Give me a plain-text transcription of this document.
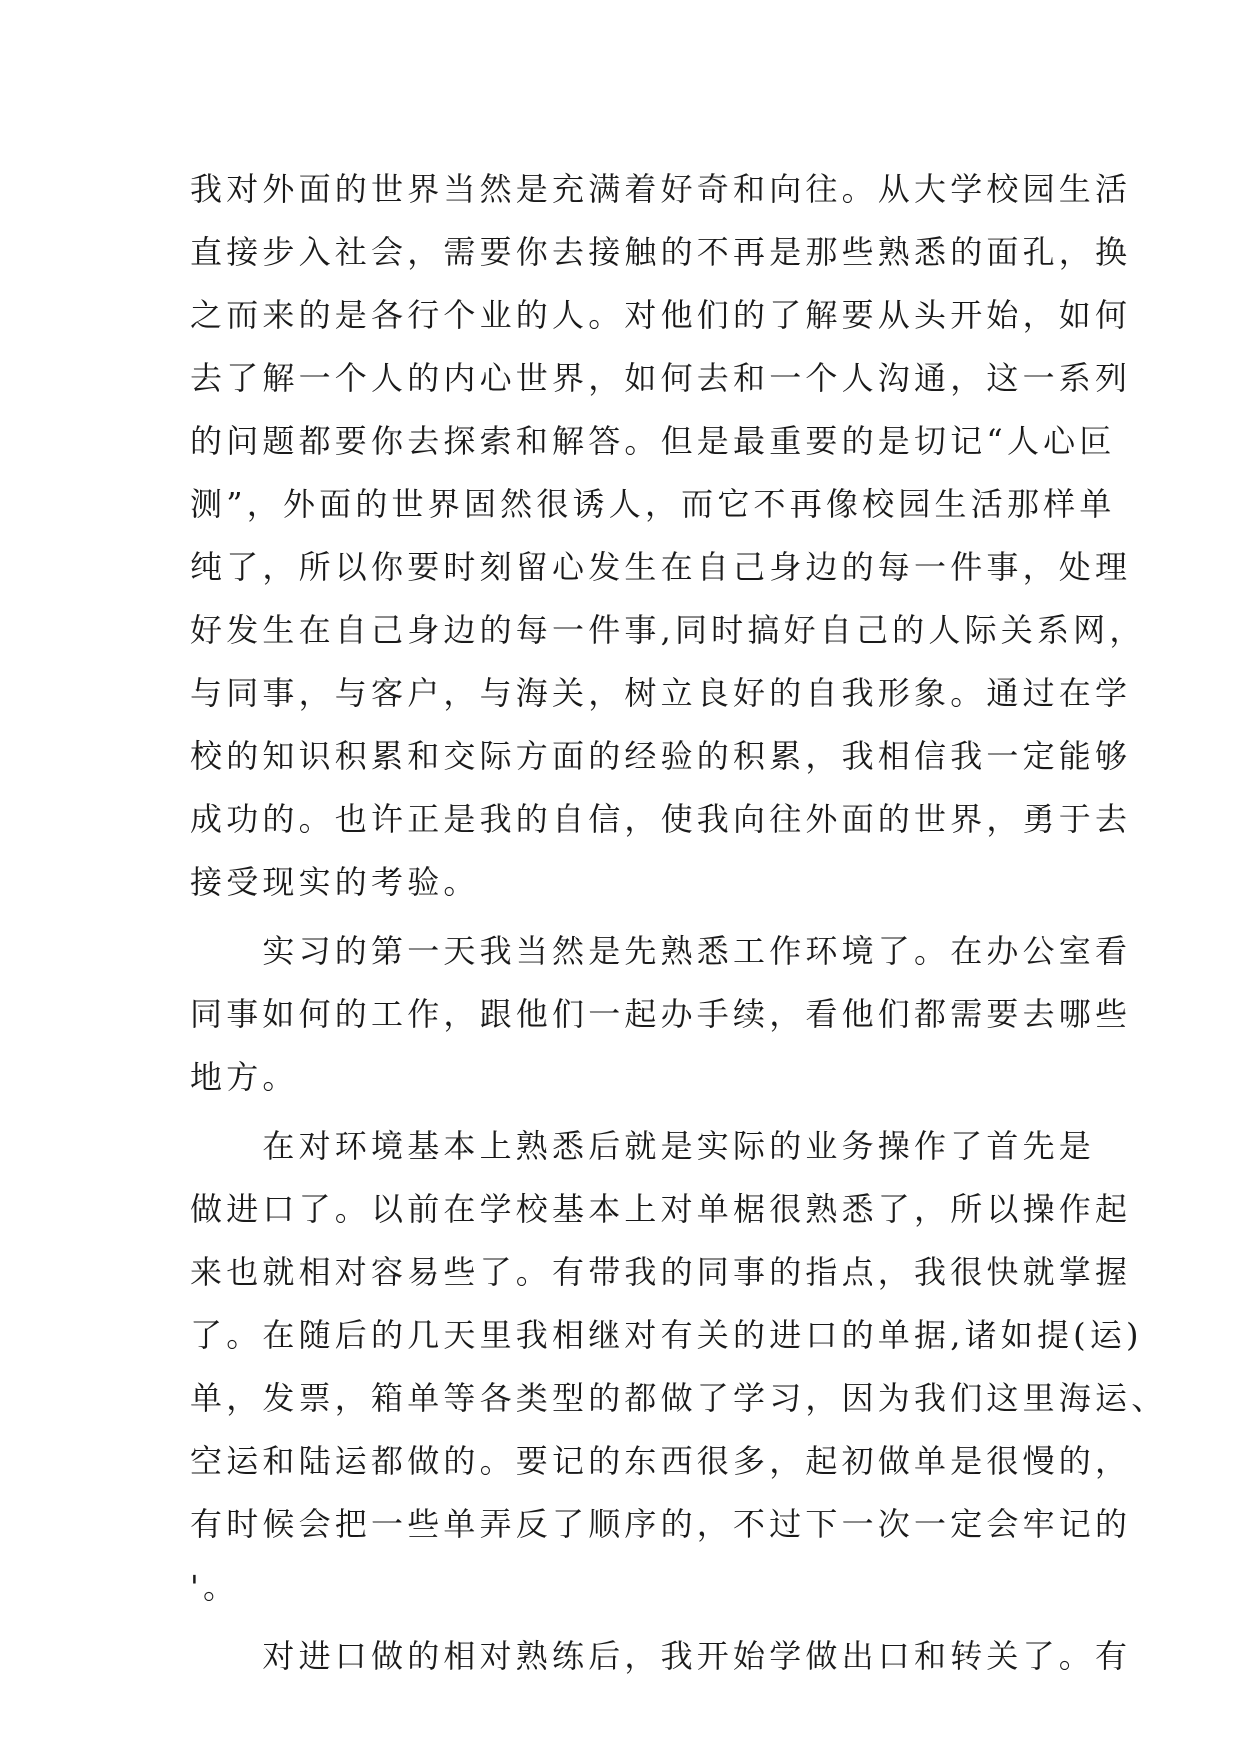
我对外面的世界当然是充满着好奇和向往。从大学校园生活
直接步入社会，需要你去接触的不再是那些熟悉的面孔，换
之而来的是各行个业的人。对他们的了解要从头开始，如何
去了解一个人的内心世界，如何去和一个人沟通，这一系列
的问题都要你去探索和解答。但是最重要的是切记“人心叵
测”，外面的世界固然很诱人，而它不再像校园生活那样单
纯了，所以你要时刻留心发生在自己身边的每一件事，处理
好发生在自己身边的每一件事,同时搞好自己的人际关系网，
与同事，与客户，与海关，树立良好的自我形象。通过在学
校的知识积累和交际方面的经验的积累，我相信我一定能够
成功的。也许正是我的自信，使我向往外面的世界，勇于去
接受现实的考验。
　　实习的第一天我当然是先熟悉工作环境了。在办公室看
同事如何的工作，跟他们一起办手续，看他们都需要去哪些
地方。
　　在对环境基本上熟悉后就是实际的业务操作了首先是
做进口了。以前在学校基本上对单椐很熟悉了，所以操作起
来也就相对容易些了。有带我的同事的指点，我很快就掌握
了。在随后的几天里我相继对有关的进口的单据,诸如提(运)
单，发票，箱单等各类型的都做了学习，因为我们这里海运、
空运和陆运都做的。要记的东西很多，起初做单是很慢的，
有时候会把一些单弄反了顺序的，不过下一次一定会牢记的
'。
　　对进口做的相对熟练后，我开始学做出口和转关了。有
